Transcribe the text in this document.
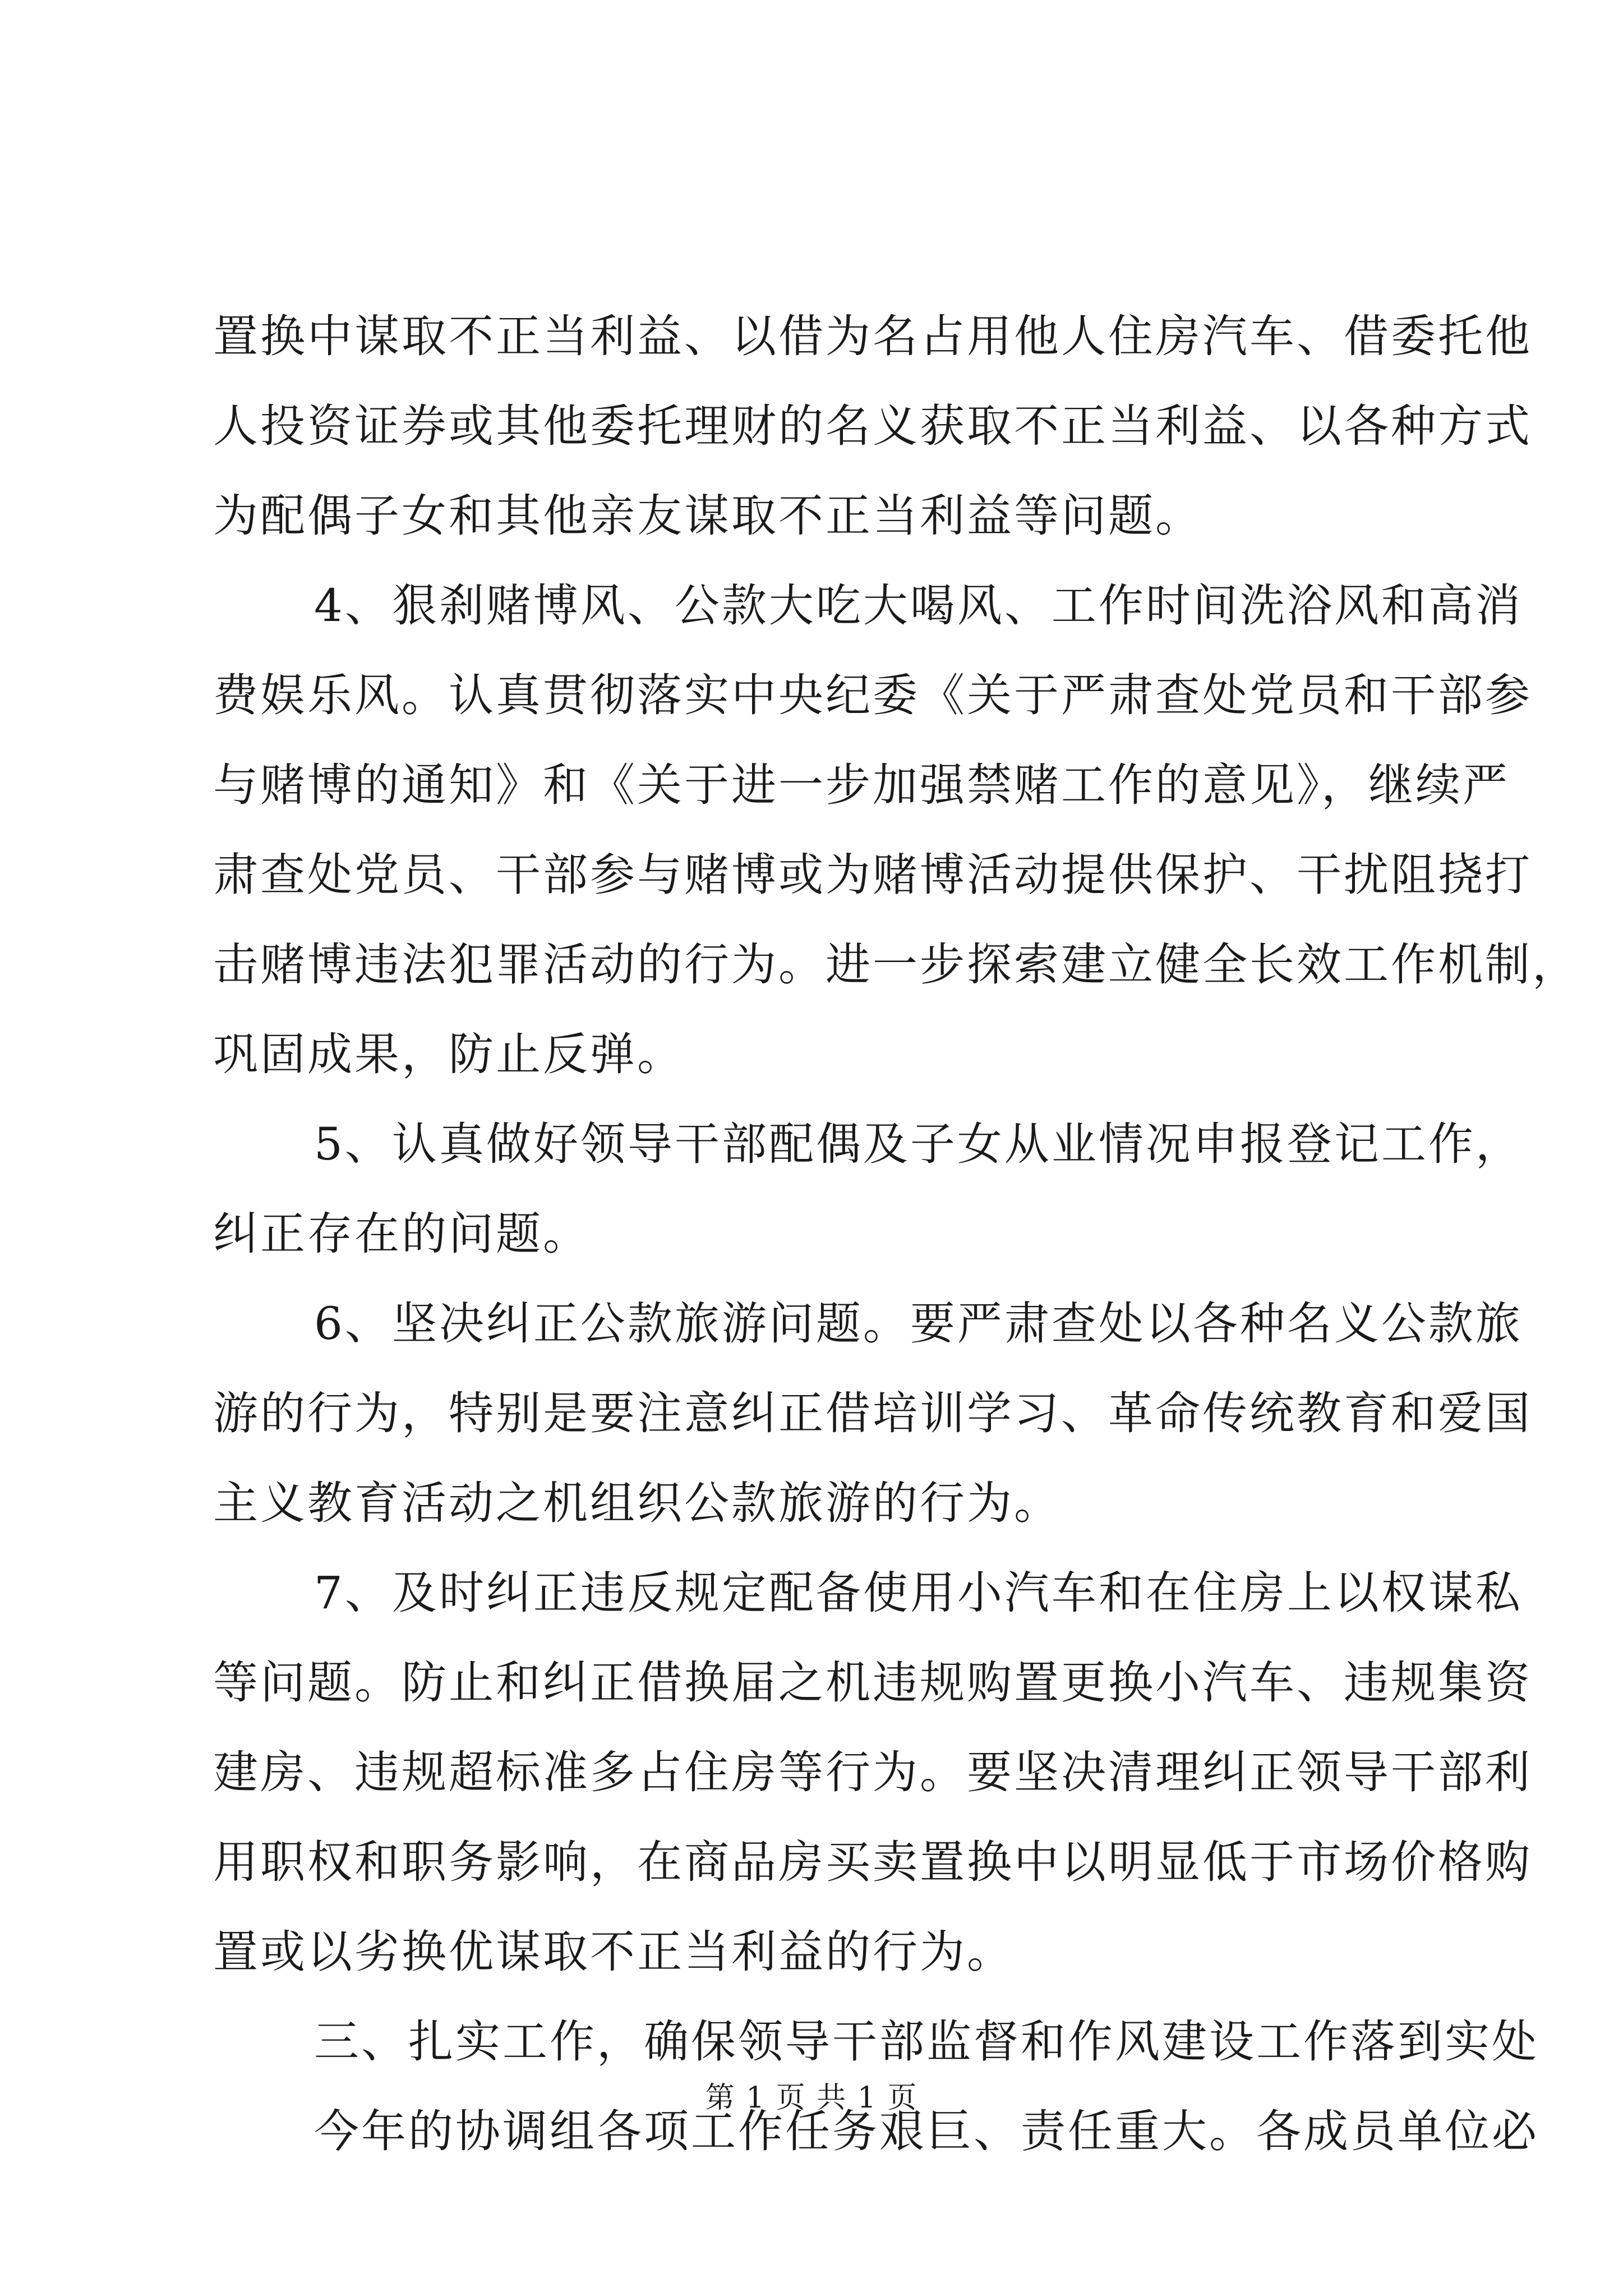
置换中谋取不正当利益、以借为名占用他人住房汽车、借委托他
人投资证券或其他委托理财的名义获取不正当利益、以各种方式
为配偶子女和其他亲友谋取不正当利益等问题。
4、狠刹赌博风、公款大吃大喝风、工作时间洗浴风和高消
费娱乐风。认真贯彻落实中央纪委《关于严肃查处党员和干部参
与赌博的通知》和《关于进一步加强禁赌工作的意见》，继续严
肃查处党员、干部参与赌博或为赌博活动提供保护、干扰阻挠打
击赌博违法犯罪活动的行为。进一步探索建立健全长效工作机制，
巩固成果，防止反弹。
5、认真做好领导干部配偶及子女从业情况申报登记工作，
纠正存在的问题。
6、坚决纠正公款旅游问题。要严肃查处以各种名义公款旅
游的行为，特别是要注意纠正借培训学习、革命传统教育和爱国
主义教育活动之机组织公款旅游的行为。
7、及时纠正违反规定配备使用小汽车和在住房上以权谋私
等问题。防止和纠正借换届之机违规购置更换小汽车、违规集资
建房、违规超标准多占住房等行为。要坚决清理纠正领导干部利
用职权和职务影响，在商品房买卖置换中以明显低于市场价格购
置或以劣换优谋取不正当利益的行为。
三、扎实工作，确保领导干部监督和作风建设工作落到实处
今年的协调组各项工作任务艰巨、责任重大。各成员单位必
第 1 页 共 1 页
